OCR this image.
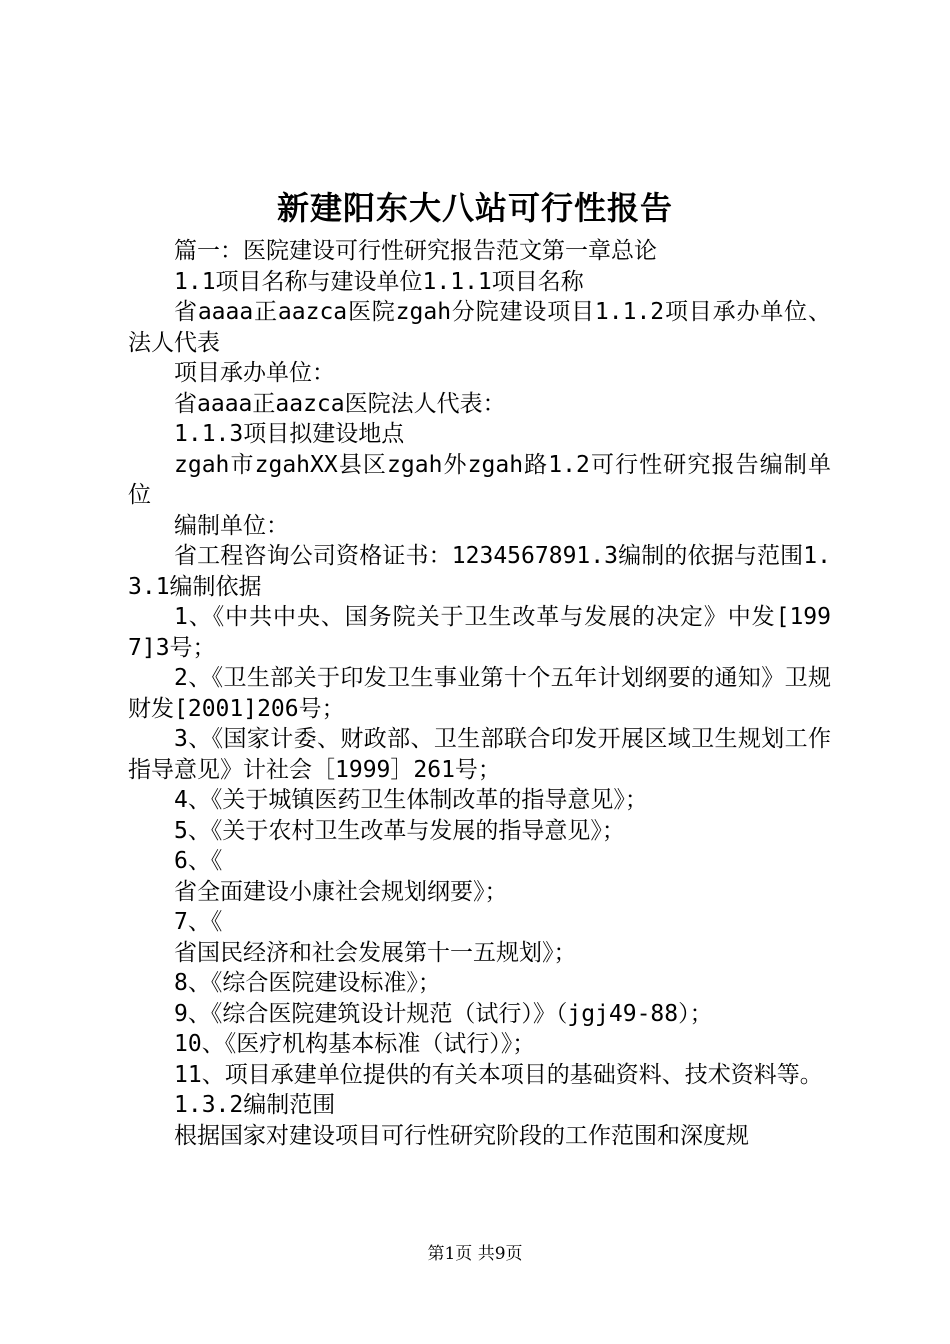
新建阳东大八站可行性报告

篇一：医院建设可行性研究报告范文第一章总论

1.1项目名称与建设单位1.1.1项目名称

省aaaa正aazca医院zgah分院建设项目1.1.2项目承办单位、法人代表

项目承办单位：

省aaaa正aazca医院法人代表：

1.1.3项目拟建设地点

zgah市zgahXX县区zgah外zgah路1.2可行性研究报告编制单位

编制单位：

省工程咨询公司资格证书：1234567891.3编制的依据与范围1.3.1编制依据

1、《中共中央、国务院关于卫生改革与发展的决定》中发[1997]3号；

2、《卫生部关于印发卫生事业第十个五年计划纲要的通知》卫规财发[2001]206号；

3、《国家计委、财政部、卫生部联合印发开展区域卫生规划工作指导意见》计社会［1999］261号；

4、《关于城镇医药卫生体制改革的指导意见》；

5、《关于农村卫生改革与发展的指导意见》；

6、《

省全面建设小康社会规划纲要》；

7、《

省国民经济和社会发展第十一五规划》；

8、《综合医院建设标准》；

9、《综合医院建筑设计规范（试行）》（jgj49-88）；

10、《医疗机构基本标准（试行）》；

11、项目承建单位提供的有关本项目的基础资料、技术资料等。

1.3.2编制范围

根据国家对建设项目可行性研究阶段的工作范围和深度规

第1页 共9页
